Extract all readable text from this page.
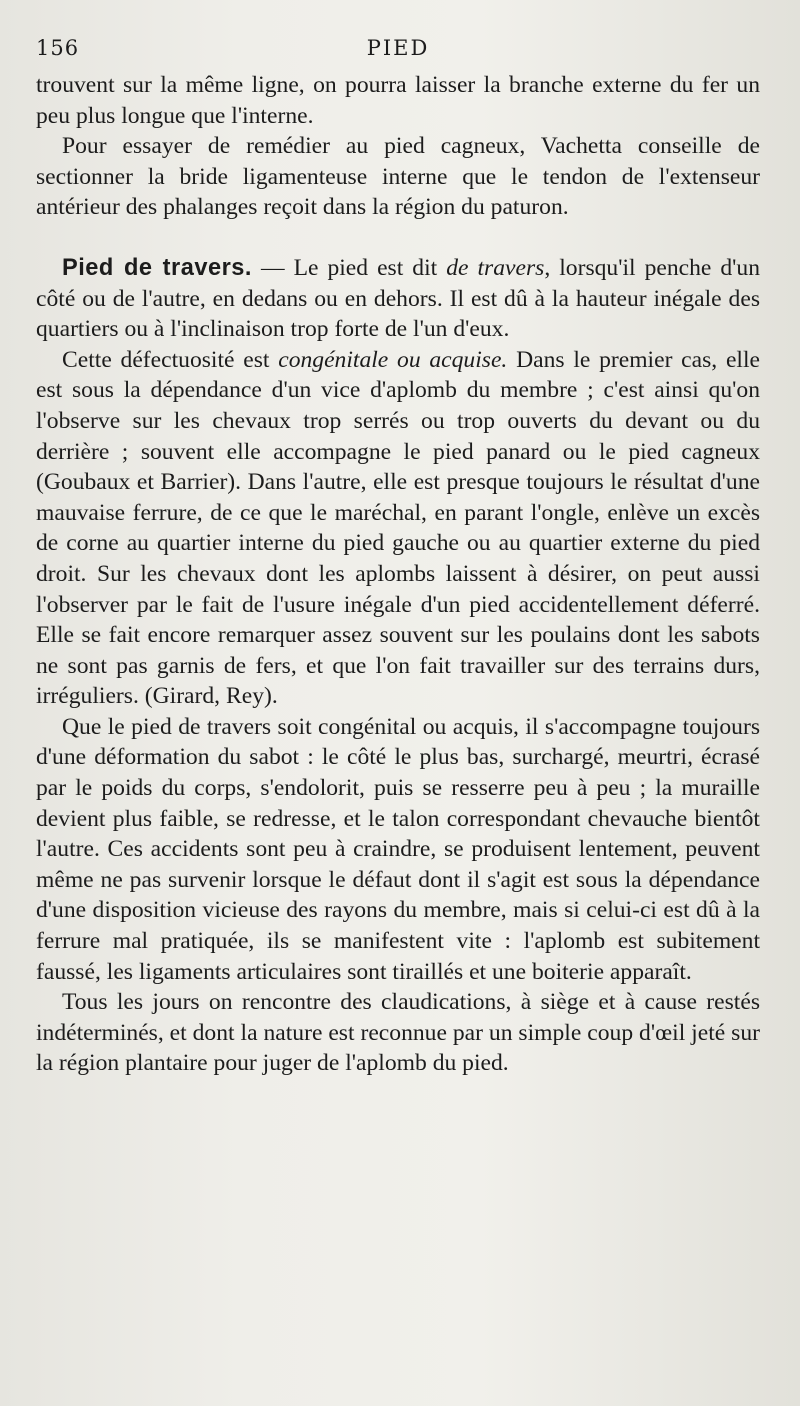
156	PIED

trouvent sur la même ligne, on pourra laisser la branche externe du fer un peu plus longue que l'interne.

Pour essayer de remédier au pied cagneux, Vachetta conseille de sectionner la bride ligamenteuse interne que le tendon de l'extenseur antérieur des phalanges reçoit dans la région du paturon.

Pied de travers. — Le pied est dit de travers, lorsqu'il penche d'un côté ou de l'autre, en dedans ou en dehors. Il est dû à la hauteur inégale des quartiers ou à l'inclinaison trop forte de l'un d'eux.

Cette défectuosité est congénitale ou acquise. Dans le premier cas, elle est sous la dépendance d'un vice d'aplomb du membre ; c'est ainsi qu'on l'observe sur les chevaux trop serrés ou trop ouverts du devant ou du derrière ; souvent elle accompagne le pied panard ou le pied cagneux (Goubaux et Barrier). Dans l'autre, elle est presque toujours le résultat d'une mauvaise ferrure, de ce que le maréchal, en parant l'ongle, enlève un excès de corne au quartier interne du pied gauche ou au quartier externe du pied droit. Sur les chevaux dont les aplombs laissent à désirer, on peut aussi l'observer par le fait de l'usure inégale d'un pied accidentellement déferré. Elle se fait encore remarquer assez souvent sur les poulains dont les sabots ne sont pas garnis de fers, et que l'on fait travailler sur des terrains durs, irréguliers. (Girard, Rey).

Que le pied de travers soit congénital ou acquis, il s'accompagne toujours d'une déformation du sabot : le côté le plus bas, surchargé, meurtri, écrasé par le poids du corps, s'endolorit, puis se resserre peu à peu ; la muraille devient plus faible, se redresse, et le talon correspondant chevauche bientôt l'autre. Ces accidents sont peu à craindre, se produisent lentement, peuvent même ne pas survenir lorsque le défaut dont il s'agit est sous la dépendance d'une disposition vicieuse des rayons du membre, mais si celui-ci est dû à la ferrure mal pratiquée, ils se manifestent vite : l'aplomb est subitement faussé, les ligaments articulaires sont tiraillés et une boiterie apparaît.

Tous les jours on rencontre des claudications, à siège et à cause restés indéterminés, et dont la nature est reconnue par un simple coup d'œil jeté sur la région plantaire pour juger de l'aplomb du pied.
